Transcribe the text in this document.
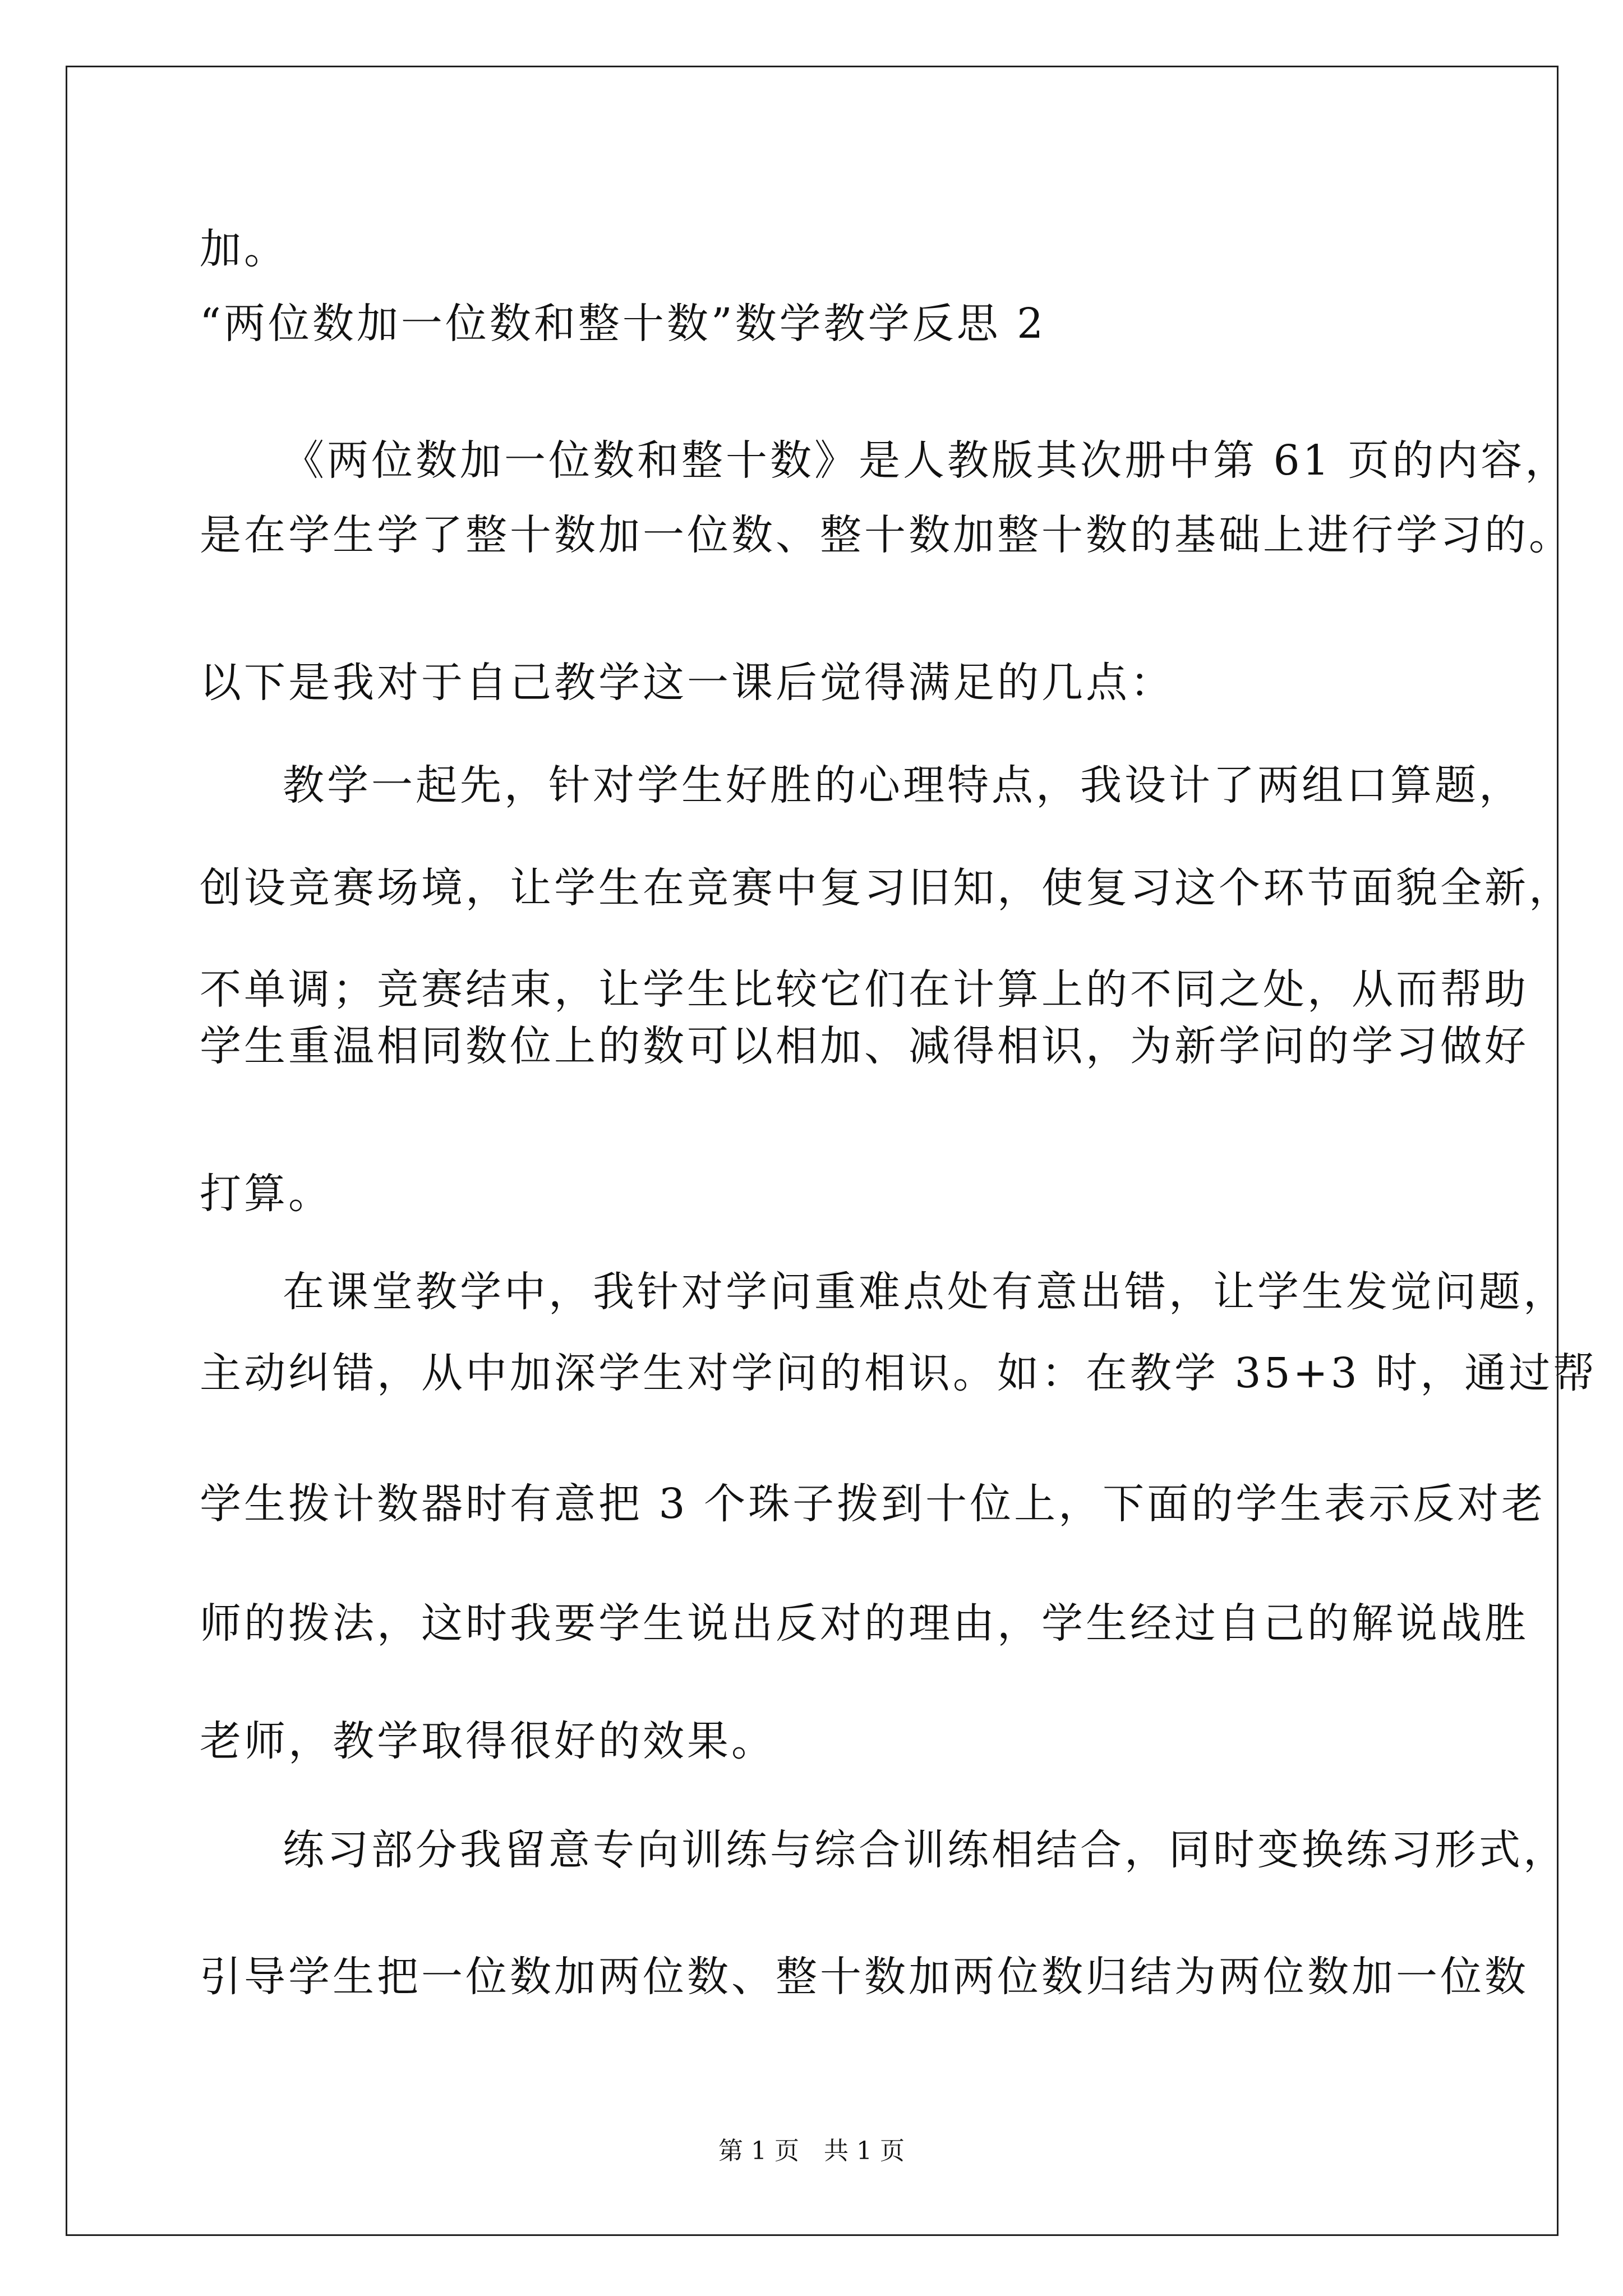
加。
“两位数加一位数和整十数”数学教学反思 2
《两位数加一位数和整十数》是人教版其次册中第 61 页的内容，
是在学生学了整十数加一位数、整十数加整十数的基础上进行学习的。
以下是我对于自己教学这一课后觉得满足的几点：
教学一起先，针对学生好胜的心理特点，我设计了两组口算题，
创设竞赛场境，让学生在竞赛中复习旧知，使复习这个环节面貌全新，
不单调；竞赛结束，让学生比较它们在计算上的不同之处，从而帮助
学生重温相同数位上的数可以相加、减得相识，为新学问的学习做好
打算。
在课堂教学中，我针对学问重难点处有意出错，让学生发觉问题，
主动纠错，从中加深学生对学问的相识。如：在教学 35+3 时，通过帮
学生拨计数器时有意把 3 个珠子拨到十位上，下面的学生表示反对老
师的拨法，这时我要学生说出反对的理由，学生经过自己的解说战胜
老师，教学取得很好的效果。
练习部分我留意专向训练与综合训练相结合，同时变换练习形式，
引导学生把一位数加两位数、整十数加两位数归结为两位数加一位数
第 1 页　共 1 页
